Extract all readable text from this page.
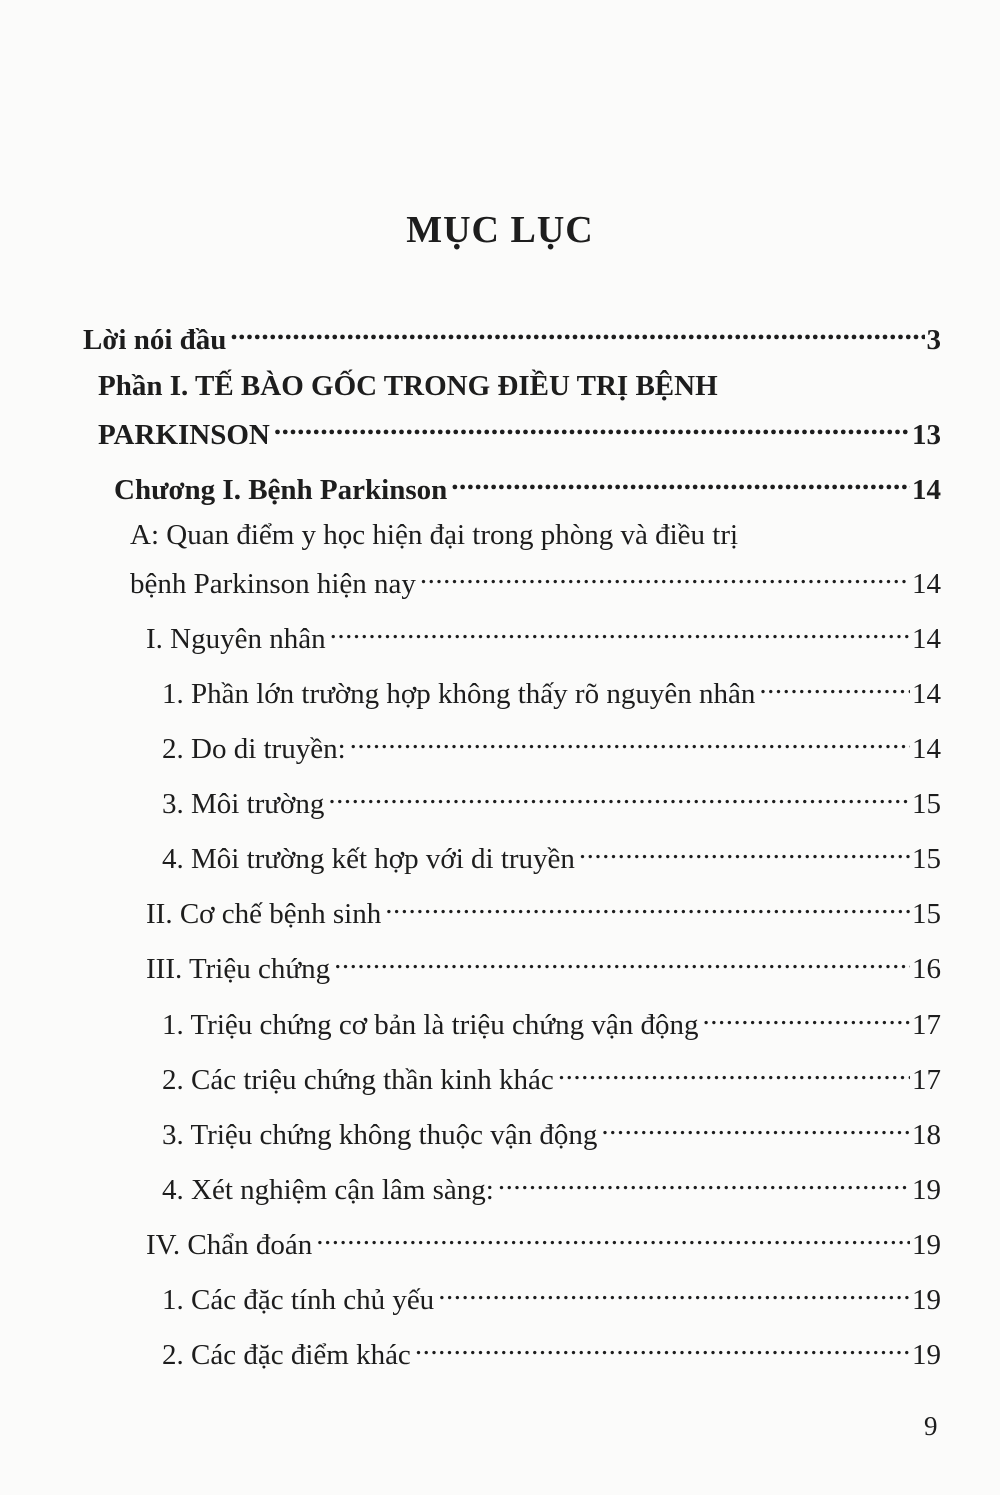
MỤC LỤC
Lời nói đầu .....	3
Phần I. TẾ BÀO GỐC TRONG ĐIỀU TRỊ BỆNH
PARKINSON .....	13
Chương I. Bệnh Parkinson .....	14
A: Quan điểm y học hiện đại trong phòng và điều trị
bệnh Parkinson hiện nay .....	14
I. Nguyên nhân .....	14
1. Phần lớn trường hợp không thấy rõ nguyên nhân .....	14
2. Do di truyền: .....	14
3. Môi trường .....	15
4. Môi trường kết hợp với di truyền .....	15
II. Cơ chế bệnh sinh .....	15
III. Triệu chứng .....	16
1. Triệu chứng cơ bản là triệu chứng vận động .....	17
2. Các triệu chứng thần kinh khác .....	17
3. Triệu chứng không thuộc vận động .....	18
4. Xét nghiệm cận lâm sàng: .....	19
IV. Chẩn đoán .....	19
1. Các đặc tính chủ yếu .....	19
2. Các đặc điểm khác .....	19
9
